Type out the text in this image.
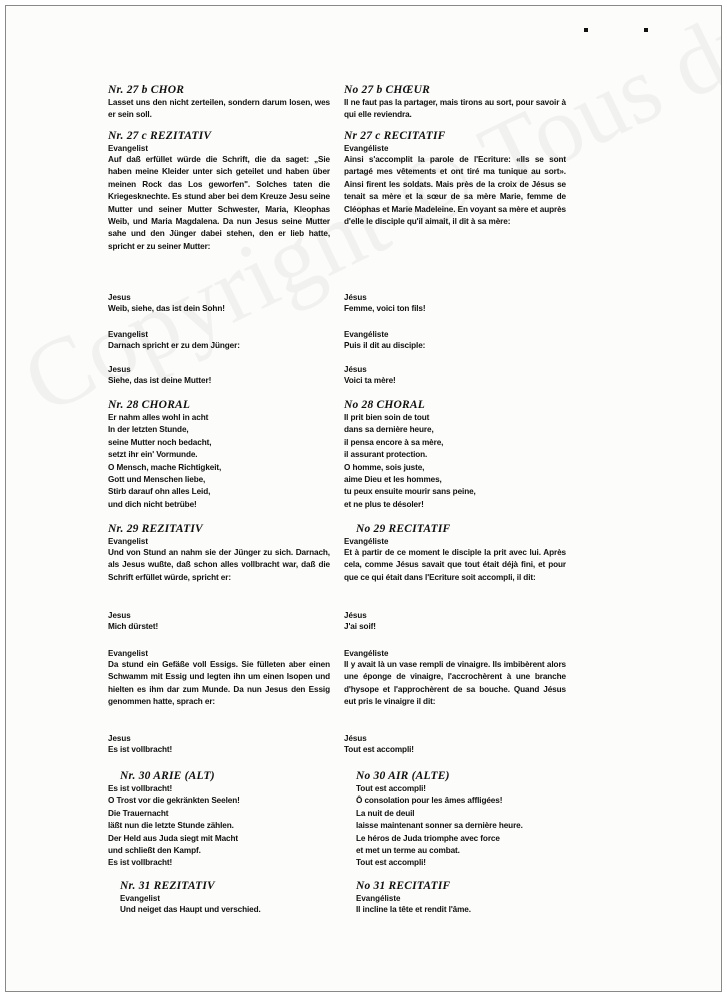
Nr. 27 b CHOR
Lasset uns den nicht zerteilen, sondern darum losen, wes er sein soll.
Nr. 27 c REZITATIV
Evangelist
Auf daß erfüllet würde die Schrift, die da saget: „Sie haben meine Kleider unter sich geteilet und haben über meinen Rock das Los geworfen". Solches taten die Kriegesknechte. Es stund aber bei dem Kreuze Jesu seine Mutter und seiner Mutter Schwester, Maria, Kleophas Weib, und Maria Magdalena. Da nun Jesus seine Mutter sahe und den Jünger dabei stehen, den er lieb hatte, spricht er zu seiner Mutter:
Jesus
Weib, siehe, das ist dein Sohn!
Evangelist
Darnach spricht er zu dem Jünger:
Jesus
Siehe, das ist deine Mutter!
Nr. 28 CHORAL
Er nahm alles wohl in acht
In der letzten Stunde,
seine Mutter noch bedacht,
setzt ihr ein' Vormunde.
O Mensch, mache Richtigkeit,
Gott und Menschen liebe,
Stirb darauf ohn alles Leid,
und dich nicht betrübe!
Nr. 29 REZITATIV
Evangelist
Und von Stund an nahm sie der Jünger zu sich. Darnach, als Jesus wußte, daß schon alles vollbracht war, daß die Schrift erfüllet würde, spricht er:
Jesus
Mich dürstet!
Evangelist
Da stund ein Gefäße voll Essigs. Sie fülleten aber einen Schwamm mit Essig und legten ihn um einen Isopen und hielten es ihm dar zum Munde. Da nun Jesus den Essig genommen hatte, sprach er:
Jesus
Es ist vollbracht!
Nr. 30 ARIE (ALT)
Es ist vollbracht!
O Trost vor die gekränkten Seelen!
Die Trauernacht
läßt nun die letzte Stunde zählen.
Der Held aus Juda siegt mit Macht
und schließt den Kampf.
Es ist vollbracht!
Nr. 31 REZITATIV
Evangelist
Und neiget das Haupt und verschied.
No 27 b CHŒUR
Il ne faut pas la partager, mais tirons au sort, pour savoir à qui elle reviendra.
Nr 27 c RECITATIF
Evangéliste
Ainsi s'accomplit la parole de l'Ecriture: «Ils se sont partagé mes vêtements et ont tiré ma tunique au sort». Ainsi firent les soldats. Mais près de la croix de Jésus se tenait sa mère et la sœur de sa mère Marie, femme de Cléophas et Marie Madeleine. En voyant sa mère et auprès d'elle le disciple qu'il aimait, il dit à sa mère:
Jésus
Femme, voici ton fils!
Evangéliste
Puis il dit au disciple:
Jésus
Voici ta mère!
No 28 CHORAL
Il prit bien soin de tout
dans sa dernière heure,
il pensa encore à sa mère,
il assurant protection.
O homme, sois juste,
aime Dieu et les hommes,
tu peux ensuite mourir sans peine,
et ne plus te désoler!
No 29 RECITATIF
Evangéliste
Et à partir de ce moment le disciple la prit avec lui. Après cela, comme Jésus savait que tout était déjà fini, et pour que ce qui était dans l'Ecriture soit accompli, il dit:
Jésus
J'ai soif!
Evangéliste
Il y avait là un vase rempli de vinaigre. Ils imbibèrent alors une éponge de vinaigre, l'accrochèrent à une branche d'hysope et l'approchèrent de sa bouche. Quand Jésus eut pris le vinaigre il dit:
Jésus
Tout est accompli!
No 30 AIR (ALTE)
Tout est accompli!
Ô consolation pour les âmes affligées!
La nuit de deuil
laisse maintenant sonner sa dernière heure.
Le héros de Juda triomphe avec force
et met un terme au combat.
Tout est accompli!
No 31 RECITATIF
Evangéliste
Il incline la tête et rendit l'âme.
